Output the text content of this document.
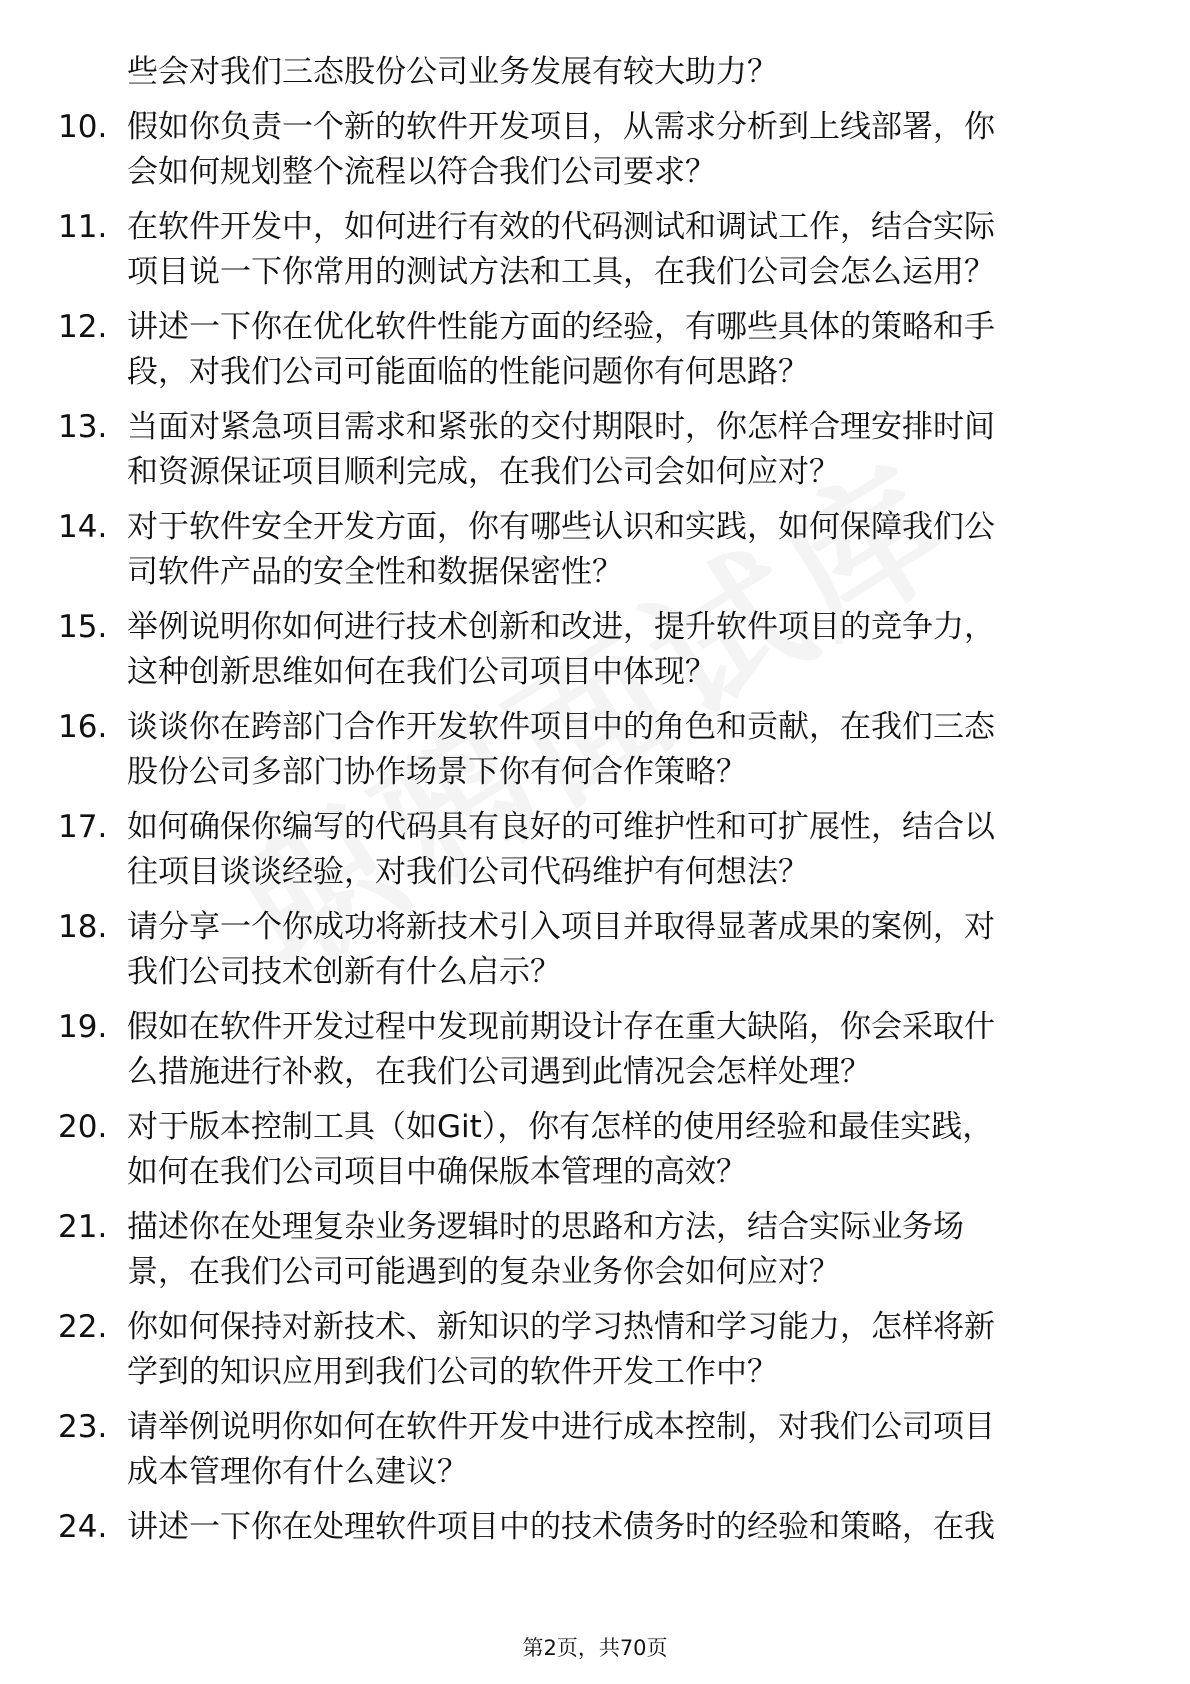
些会对我们三态股份公司业务发展有较大助力？
10. 假如你负责一个新的软件开发项目，从需求分析到上线部署，你
会如何规划整个流程以符合我们公司要求？
11. 在软件开发中，如何进行有效的代码测试和调试工作，结合实际
项目说一下你常用的测试方法和工具，在我们公司会怎么运用？
12. 讲述一下你在优化软件性能方面的经验，有哪些具体的策略和手
段，对我们公司可能面临的性能问题你有何思路？
13. 当面对紧急项目需求和紧张的交付期限时，你怎样合理安排时间
和资源保证项目顺利完成，在我们公司会如何应对？
14. 对于软件安全开发方面，你有哪些认识和实践，如何保障我们公
司软件产品的安全性和数据保密性？
15. 举例说明你如何进行技术创新和改进，提升软件项目的竞争力，
这种创新思维如何在我们公司项目中体现？
16. 谈谈你在跨部门合作开发软件项目中的角色和贡献，在我们三态
股份公司多部门协作场景下你有何合作策略？
17. 如何确保你编写的代码具有良好的可维护性和可扩展性，结合以
往项目谈谈经验，对我们公司代码维护有何想法？
18. 请分享一个你成功将新技术引入项目并取得显著成果的案例，对
我们公司技术创新有什么启示？
19. 假如在软件开发过程中发现前期设计存在重大缺陷，你会采取什
么措施进行补救，在我们公司遇到此情况会怎样处理？
20. 对于版本控制工具（如Git），你有怎样的使用经验和最佳实践，
如何在我们公司项目中确保版本管理的高效？
21. 描述你在处理复杂业务逻辑时的思路和方法，结合实际业务场
景，在我们公司可能遇到的复杂业务你会如何应对？
22. 你如何保持对新技术、新知识的学习热情和学习能力，怎样将新
学到的知识应用到我们公司的软件开发工作中？
23. 请举例说明你如何在软件开发中进行成本控制，对我们公司项目
成本管理你有什么建议？
24. 讲述一下你在处理软件项目中的技术债务时的经验和策略，在我
第2页，共70页
